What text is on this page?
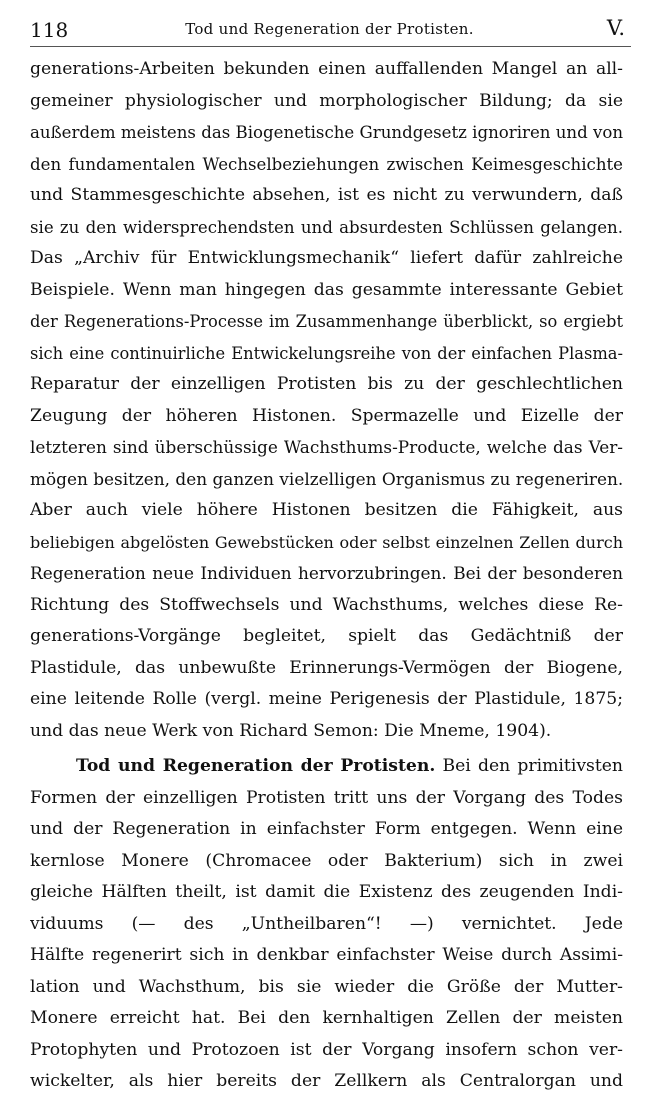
118	Tod und Regeneration der Protisten.	V.
generations-Arbeiten bekunden einen auffallenden Mangel an all-
gemeiner physiologischer und morphologischer Bildung; da sie
außerdem meistens das Biogenetische Grundgesetz ignoriren und von
den fundamentalen Wechselbeziehungen zwischen Keimesgeschichte
und Stammesgeschichte absehen, ist es nicht zu verwundern, daß
sie zu den widersprechendsten und absurdesten Schlüssen gelangen.
Das „Archiv für Entwicklungsmechanik“ liefert dafür zahlreiche
Beispiele. Wenn man hingegen das gesammte interessante Gebiet
der Regenerations-Processe im Zusammenhange überblickt, so ergiebt
sich eine continuirliche Entwickelungsreihe von der einfachen Plasma-
Reparatur der einzelligen Protisten bis zu der geschlechtlichen
Zeugung der höheren Histonen. Spermazelle und Eizelle der
letzteren sind überschüssige Wachsthums-Producte, welche das Ver-
mögen besitzen, den ganzen vielzelligen Organismus zu regeneriren.
Aber auch viele höhere Histonen besitzen die Fähigkeit, aus
beliebigen abgelösten Gewebstücken oder selbst einzelnen Zellen durch
Regeneration neue Individuen hervorzubringen. Bei der besonderen
Richtung des Stoffwechsels und Wachsthums, welches diese Re-
generations-Vorgänge begleitet, spielt das Gedächtniß der
Plastidule, das unbewußte Erinnerungs-Vermögen der Biogene,
eine leitende Rolle (vergl. meine Perigenesis der Plastidule, 1875;
und das neue Werk von Richard Semon: Die Mneme, 1904).
Tod und Regeneration der Protisten. Bei den primitivsten
Formen der einzelligen Protisten tritt uns der Vorgang des Todes
und der Regeneration in einfachster Form entgegen. Wenn eine
kernlose Monere (Chromacee oder Bakterium) sich in zwei
gleiche Hälften theilt, ist damit die Existenz des zeugenden Indi-
viduums (— des „Untheilbaren“! —) vernichtet. Jede
Hälfte regenerirt sich in denkbar einfachster Weise durch Assimi-
lation und Wachsthum, bis sie wieder die Größe der Mutter-
Monere erreicht hat. Bei den kernhaltigen Zellen der meisten
Protophyten und Protozoen ist der Vorgang insofern schon ver-
wickelter, als hier bereits der Zellkern als Centralorgan und
